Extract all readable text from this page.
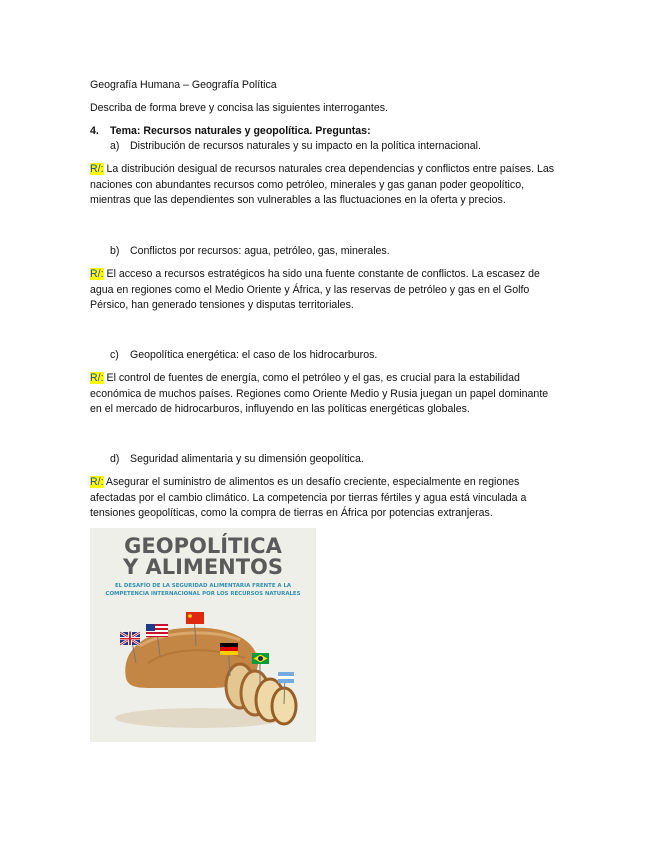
Geografía Humana – Geografía Política
Describa de forma breve y concisa las siguientes interrogantes.
4. Tema: Recursos naturales y geopolítica. Preguntas:
a) Distribución de recursos naturales y su impacto en la política internacional.
R/: La distribución desigual de recursos naturales crea dependencias y conflictos entre países. Las
naciones con abundantes recursos como petróleo, minerales y gas ganan poder geopolítico,
mientras que las dependientes son vulnerables a las fluctuaciones en la oferta y precios.
b) Conflictos por recursos: agua, petróleo, gas, minerales.
R/: El acceso a recursos estratégicos ha sido una fuente constante de conflictos. La escasez de
agua en regiones como el Medio Oriente y África, y las reservas de petróleo y gas en el Golfo
Pérsico, han generado tensiones y disputas territoriales.
c) Geopolítica energética: el caso de los hidrocarburos.
R/: El control de fuentes de energía, como el petróleo y el gas, es crucial para la estabilidad
económica de muchos países. Regiones como Oriente Medio y Rusia juegan un papel dominante
en el mercado de hidrocarburos, influyendo en las políticas energéticas globales.
d) Seguridad alimentaria y su dimensión geopolítica.
R/: Asegurar el suministro de alimentos es un desafío creciente, especialmente en regiones
afectadas por el cambio climático. La competencia por tierras fértiles y agua está vinculada a
tensiones geopolíticas, como la compra de tierras en África por potencias extranjeras.
GEOPOLÍTICA
Y ALIMENTOS
EL DESAFÍO DE LA SEGURIDAD ALIMENTARIA FRENTE A LA
COMPETENCIA INTERNACIONAL POR LOS RECURSOS NATURALES
